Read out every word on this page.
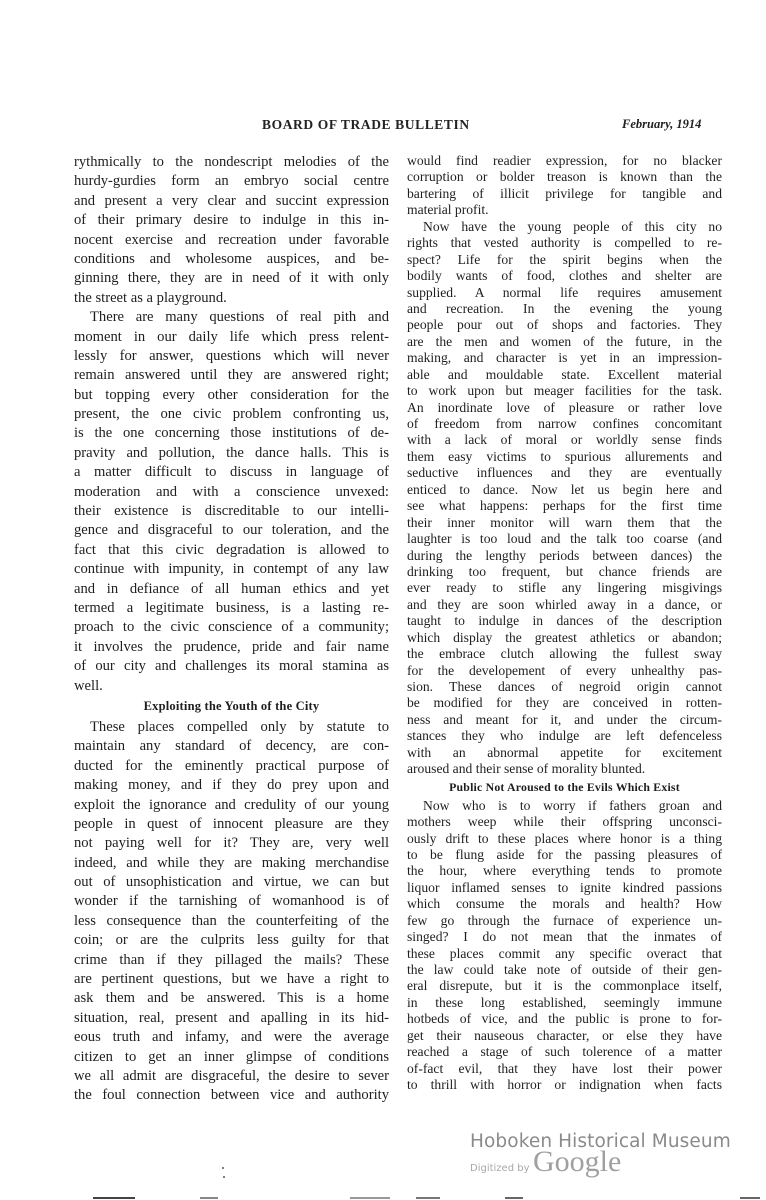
BOARD OF TRADE BULLETIN	February, 1914
rythmically to the nondescript melodies of the
hurdy-gurdies form an embryo social centre
and present a very clear and succint expression
of their primary desire to indulge in this in-
nocent exercise and recreation under favorable
conditions and wholesome auspices, and be-
ginning there, they are in need of it with only
the street as a playground.
There are many questions of real pith and
moment in our daily life which press relent-
lessly for answer, questions which will never
remain answered until they are answered right;
but topping every other consideration for the
present, the one civic problem confronting us,
is the one concerning those institutions of de-
pravity and pollution, the dance halls. This is
a matter difficult to discuss in language of
moderation and with a conscience unvexed:
their existence is discreditable to our intelli-
gence and disgraceful to our toleration, and the
fact that this civic degradation is allowed to
continue with impunity, in contempt of any law
and in defiance of all human ethics and yet
termed a legitimate business, is a lasting re-
proach to the civic conscience of a community;
it involves the prudence, pride and fair name
of our city and challenges its moral stamina as
well.
Exploiting the Youth of the City
These places compelled only by statute to
maintain any standard of decency, are con-
ducted for the eminently practical purpose of
making money, and if they do prey upon and
exploit the ignorance and credulity of our young
people in quest of innocent pleasure are they
not paying well for it? They are, very well
indeed, and while they are making merchandise
out of unsophistication and virtue, we can but
wonder if the tarnishing of womanhood is of
less consequence than the counterfeiting of the
coin; or are the culprits less guilty for that
crime than if they pillaged the mails? These
are pertinent questions, but we have a right to
ask them and be answered. This is a home
situation, real, present and apalling in its hid-
eous truth and infamy, and were the average
citizen to get an inner glimpse of conditions
we all admit are disgraceful, the desire to sever
the foul connection between vice and authority
would find readier expression, for no blacker
corruption or bolder treason is known than the
bartering of illicit privilege for tangible and
material profit.
Now have the young people of this city no
rights that vested authority is compelled to re-
spect? Life for the spirit begins when the
bodily wants of food, clothes and shelter are
supplied. A normal life requires amusement
and recreation. In the evening the young
people pour out of shops and factories. They
are the men and women of the future, in the
making, and character is yet in an impression-
able and mouldable state. Excellent material
to work upon but meager facilities for the task.
An inordinate love of pleasure or rather love
of freedom from narrow confines concomitant
with a lack of moral or worldly sense finds
them easy victims to spurious allurements and
seductive influences and they are eventually
enticed to dance. Now let us begin here and
see what happens: perhaps for the first time
their inner monitor will warn them that the
laughter is too loud and the talk too coarse (and
during the lengthy periods between dances) the
drinking too frequent, but chance friends are
ever ready to stifle any lingering misgivings
and they are soon whirled away in a dance, or
taught to indulge in dances of the description
which display the greatest athletics or abandon;
the embrace clutch allowing the fullest sway
for the developement of every unhealthy pas-
sion. These dances of negroid origin cannot
be modified for they are conceived in rotten-
ness and meant for it, and under the circum-
stances they who indulge are left defenceless
with an abnormal appetite for excitement
aroused and their sense of morality blunted.
Public Not Aroused to the Evils Which Exist
Now who is to worry if fathers groan and
mothers weep while their offspring unconsci-
ously drift to these places where honor is a thing
to be flung aside for the passing pleasures of
the hour, where everything tends to promote
liquor inflamed senses to ignite kindred passions
which consume the morals and health? How
few go through the furnace of experience un-
singed? I do not mean that the inmates of
these places commit any specific overact that
the law could take note of outside of their gen-
eral disrepute, but it is the commonplace itself,
in these long established, seemingly immune
hotbeds of vice, and the public is prone to for-
get their nauseous character, or else they have
reached a stage of such tolerence of a matter
of-fact evil, that they have lost their power
to thrill with horror or indignation when facts
Hoboken Historical Museum
Digitized by Google
